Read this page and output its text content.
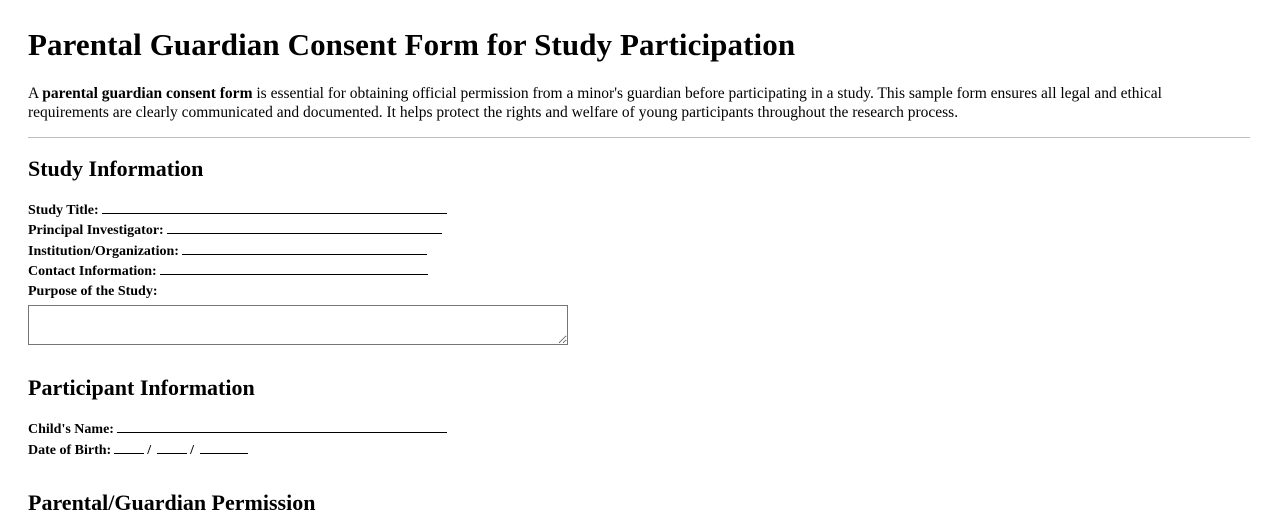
Parental Guardian Consent Form for Study Participation

A parental guardian consent form is essential for obtaining official permission from a minor's guardian before participating in a study. This sample form ensures all legal and ethical requirements are clearly communicated and documented. It helps protect the rights and welfare of young participants throughout the research process.

Study Information
Study Title:
Principal Investigator:
Institution/Organization:
Contact Information:
Purpose of the Study:
Participant Information
Child's Name:
Date of Birth:	/	/
Parental/Guardian Permission
